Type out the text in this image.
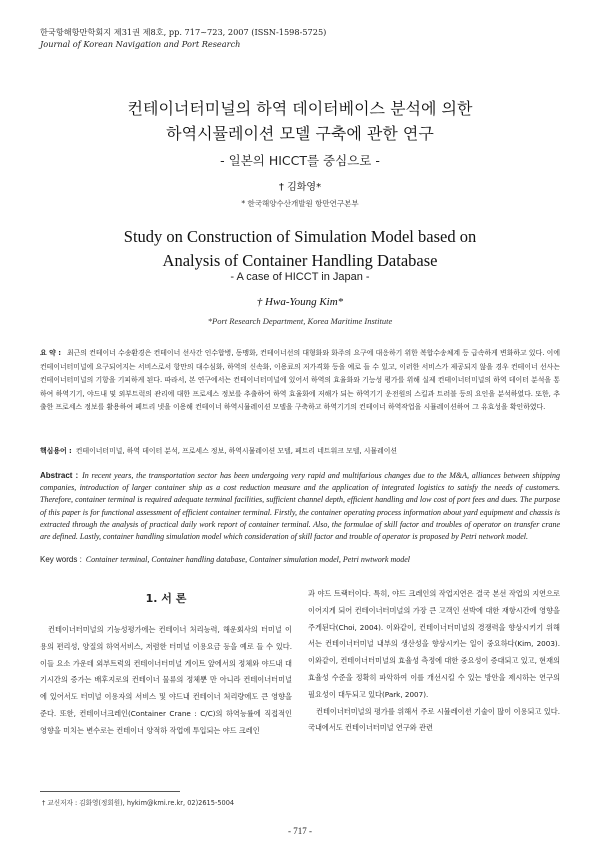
한국항해항만학회지 제31권 제8호, pp. 717~723, 2007 (ISSN-1598-5725)
Journal of Korean Navigation and Port Research
컨테이너터미널의 하역 데이터베이스 분석에 의한
하역시뮬레이션 모델 구축에 관한 연구
- 일본의 HICCT를 중심으로 -
† 김화영*
* 한국해양수산개발원 항만연구본부
Study on Construction of Simulation Model based on
Analysis of Container Handling Database
- A case of HICCT in Japan -
† Hwa-Young Kim*
*Port Research Department, Korea Maritime Institute
요 약 : 최근의 컨테이너 수송환경은 컨테이너 선사간 인수합병, 동맹화, 컨테이너선의 대형화와 화주의 요구에 대응하기 위한 복합수송체계 등 급속하게 변화하고 있다. 이에 컨테이너터미널에 요구되어지는 서비스로서 항만의 대수심화, 하역의 신속화, 이용료의 저가격화 등을 예로 들 수 있고, 이러한 서비스가 제공되지 않을 경우 컨테이너 선사는 컨테이너터미널의 기항을 기피하게 된다. 따라서, 본 연구에서는 컨테이너터미널에 있어서 하역의 효율화와 기능성 평가를 위해 실제 컨테이너터미널의 하역 데이터 분석을 통하여 하역기기, 야드내 및 외부트럭의 관리에 대한 프로세스 정보를 추출하여 하역 효율화에 저해가 되는 하역기기 운전원의 스킬과 트러블 등의 요인을 분석하였다. 또한, 추출한 프로세스 정보를 활용하여 페트리 넷을 이용해 컨테이너 하역시뮬레이션 모델을 구축하고 하역기기의 컨테이너 하역작업을 시뮬레이션하여 그 유효성을 확인하였다.
핵심용어 : 컨테이너터미널, 하역 데이터 분석, 프로세스 정보, 하역시뮬레이션 모델, 페트리 네트워크 모델, 시뮬레이션
Abstract : In recent years, the transportation sector has been undergoing very rapid and multifarious changes due to the M&A, alliances between shipping companies, introduction of larger container ship as a cost reduction measure and the application of integrated logistics to satisfy the needs of customers. Therefore, container terminal is required adequate terminal facilities, sufficient channel depth, efficient handling and low cost of port fees and dues. The purpose of this paper is for functional assessment of efficient container terminal. Firstly, the container operating process information about yard equipment and chassis is extracted through the analysis of practical daily work report of container terminal. Also, the formulae of skill factor and troubles of operator on transfer crane are defined. Lastly, container handling simulation model which consideration of skill factor and trouble of operator is proposed by Petri network model.
Key words : Container terminal, Container handling database, Container simulation model, Petri nwtwork model
1. 서 론

컨테이너터미널의 기능성평가에는 컨테이너 처리능력, 해운회사의 터미널 이용의 편리성, 양질의 하역서비스, 저렴한 터미널 이용요금 등을 예로 들 수 있다. 이들 요소 가운데 외부트럭의 컨테이너터미널 게이트 앞에서의 정체와 야드내 대기시간의 증가는 배후지로의 컨테이너 물류의 정체뿐 만 아니라 컨테이너터미널에 있어서도 터미널 이용자의 서비스 및 야드내 컨테이너 처리량에도 큰 영향을 준다. 또한, 컨테이너크레인(Container Crane : C/C)의 하역능률에 직접적인 영향을 미치는 변수로는 컨테이너 양적하 작업에 투입되는 야드 크레인

과 야드 트랙터이다. 특히, 야드 크레인의 작업지연은 결국 본선 작업의 지연으로 이어지게 되어 컨테이너터미널의 가장 큰 고객인 선박에 대한 재항시간에 영향을 주게된다(Choi, 2004). 이와같이, 컨테이너터미널의 경쟁력을 향상시키기 위해서는 컨테이너터미널 내부의 생산성을 향상시키는 일이 중요하다(Kim, 2003). 이와같이, 컨테이너터미널의 효율성 측정에 대한 중요성이 증대되고 있고, 현재의 효율성 수준을 정확히 파악하여 이를 개선시킬 수 있는 방안을 제시하는 연구의 필요성이 대두되고 있다(Park, 2007).

컨테이너터미널의 평가를 위해서 주로 시뮬레이션 기술이 많이 이용되고 있다. 국내에서도 컨테이너터미널 연구와 관련

† 교신저자 : 김화영(정회원), hykim@kmi.re.kr, 02)2615-5004
- 717 -
